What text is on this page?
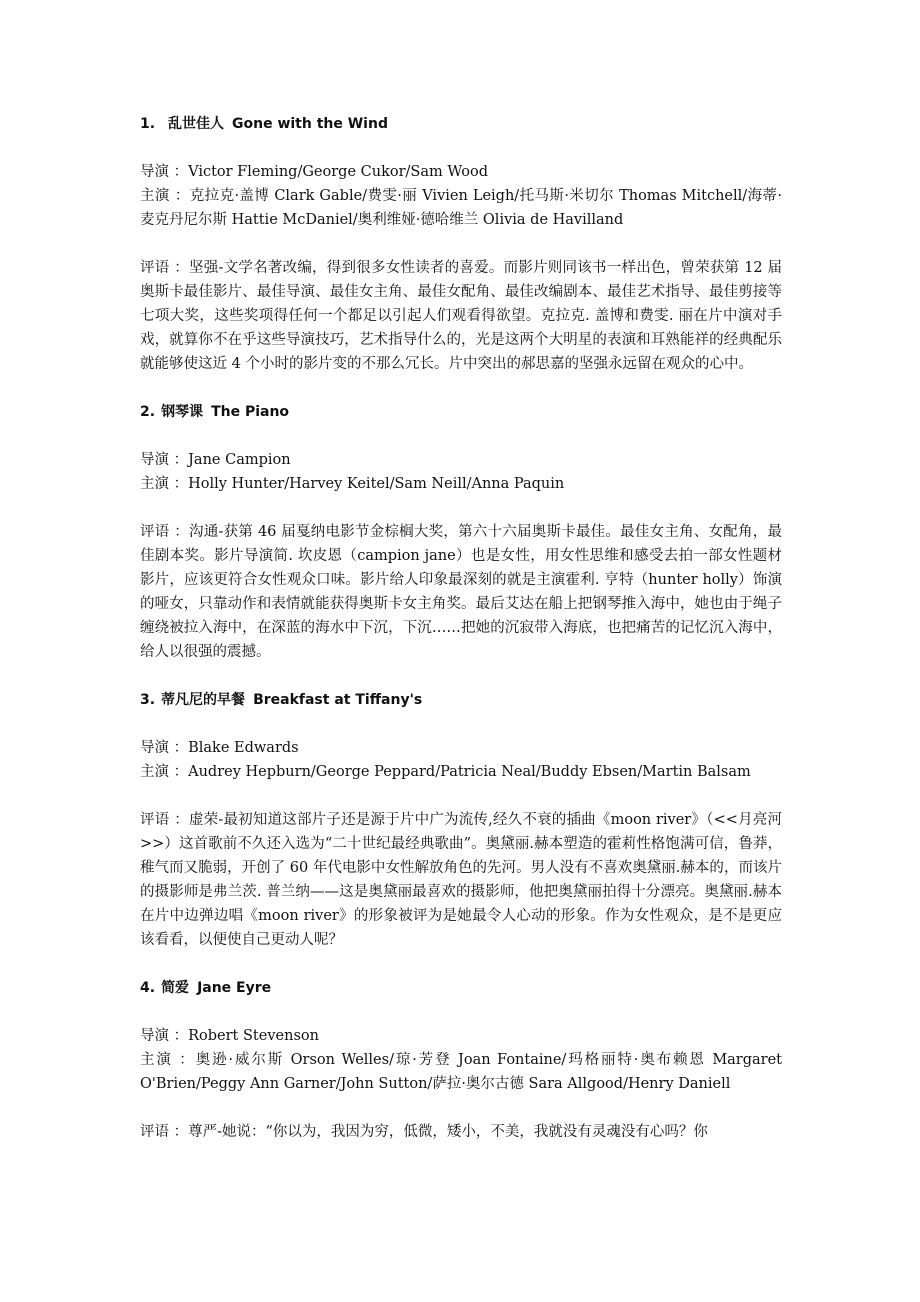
1. 乱世佳人 Gone with the Wind

导演 ：Victor Fleming/George Cukor/Sam Wood

主演 ：克拉克·盖博 Clark Gable/费雯·丽 Vivien Leigh/托马斯·米切尔 Thomas Mitchell/海蒂·麦克丹尼尔斯 Hattie McDaniel/奥利维娅·德哈维兰 Olivia de Havilland

评语 ：坚强-文学名著改编，得到很多女性读者的喜爱。而影片则同该书一样出色，曾荣获第 12 届奥斯卡最佳影片、最佳导演、最佳女主角、最佳女配角、最佳改编剧本、最佳艺术指导、最佳剪接等七项大奖，这些奖项得任何一个都足以引起人们观看得欲望。克拉克. 盖博和费雯. 丽在片中演对手戏，就算你不在乎这些导演技巧，艺术指导什么的，光是这两个大明星的表演和耳熟能祥的经典配乐就能够使这近 4 个小时的影片变的不那么冗长。片中突出的郝思嘉的坚强永远留在观众的心中。

2. 钢琴课 The Piano

导演 ：Jane Campion

主演 ：Holly Hunter/Harvey Keitel/Sam Neill/Anna Paquin

评语 ：沟通-获第 46 届戛纳电影节金棕榈大奖，第六十六届奥斯卡最佳。最佳女主角、女配角，最佳剧本奖。影片导演简. 坎皮恩（campion jane）也是女性，用女性思维和感受去拍一部女性题材影片，应该更符合女性观众口味。影片给人印象最深刻的就是主演霍利. 亨特（hunter holly）饰演的哑女，只靠动作和表情就能获得奥斯卡女主角奖。最后艾达在船上把钢琴推入海中，她也由于绳子缠绕被拉入海中，在深蓝的海水中下沉，下沉……把她的沉寂带入海底，也把痛苦的记忆沉入海中，给人以很强的震撼。

3. 蒂凡尼的早餐 Breakfast at Tiffany's

导演 ：Blake Edwards

主演 ：Audrey Hepburn/George Peppard/Patricia Neal/Buddy Ebsen/Martin Balsam

评语 ：虚荣-最初知道这部片子还是源于片中广为流传,经久不衰的插曲《moon river》（<<月亮河>>）这首歌前不久还入选为“二十世纪最经典歌曲”。奥黛丽.赫本塑造的霍莉性格饱满可信，鲁莽，稚气而又脆弱，开创了 60 年代电影中女性解放角色的先河。男人没有不喜欢奥黛丽.赫本的，而该片的摄影师是弗兰茨. 普兰纳——这是奥黛丽最喜欢的摄影师，他把奥黛丽拍得十分漂亮。奥黛丽.赫本在片中边弹边唱《moon river》的形象被评为是她最令人心动的形象。作为女性观众，是不是更应该看看，以便使自己更动人呢？

4. 简爱 Jane Eyre

导演 ：Robert Stevenson

主演 ：奥逊·威尔斯 Orson Welles/琼·芳登 Joan Fontaine/玛格丽特·奥布赖恩 Margaret O'Brien/Peggy Ann Garner/John Sutton/萨拉·奥尔古德 Sara Allgood/Henry Daniell

评语 ：尊严-她说：“你以为，我因为穷，低微，矮小，不美，我就没有灵魂没有心吗？你
